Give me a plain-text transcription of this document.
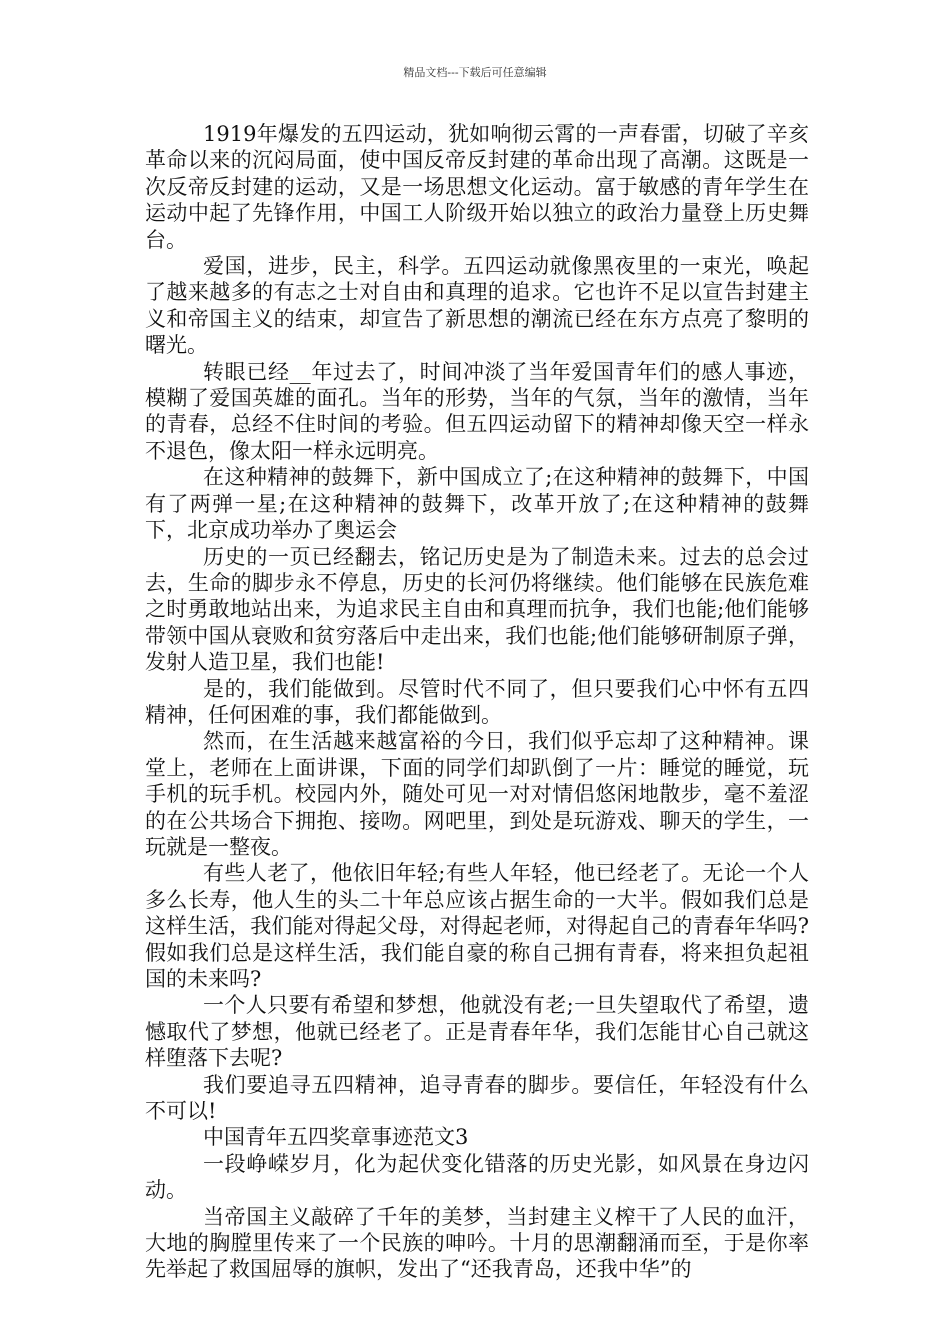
精品文档---下载后可任意编辑

1919年爆发的五四运动，犹如响彻云霄的一声春雷，切破了辛亥革命以来的沉闷局面，使中国反帝反封建的革命出现了高潮。这既是一次反帝反封建的运动，又是一场思想文化运动。富于敏感的青年学生在运动中起了先锋作用，中国工人阶级开始以独立的政治力量登上历史舞台。

爱国，进步，民主，科学。五四运动就像黑夜里的一束光，唤起了越来越多的有志之士对自由和真理的追求。它也许不足以宣告封建主义和帝国主义的结束，却宣告了新思想的潮流已经在东方点亮了黎明的曙光。

转眼已经__年过去了，时间冲淡了当年爱国青年们的感人事迹，模糊了爱国英雄的面孔。当年的形势，当年的气氛，当年的激情，当年的青春，总经不住时间的考验。但五四运动留下的精神却像天空一样永不退色，像太阳一样永远明亮。

在这种精神的鼓舞下，新中国成立了;在这种精神的鼓舞下，中国有了两弹一星;在这种精神的鼓舞下，改革开放了;在这种精神的鼓舞下，北京成功举办了奥运会

历史的一页已经翻去，铭记历史是为了制造未来。过去的总会过去，生命的脚步永不停息，历史的长河仍将继续。他们能够在民族危难之时勇敢地站出来，为追求民主自由和真理而抗争，我们也能;他们能够带领中国从衰败和贫穷落后中走出来，我们也能;他们能够研制原子弹，发射人造卫星，我们也能!

是的，我们能做到。尽管时代不同了，但只要我们心中怀有五四精神，任何困难的事，我们都能做到。

然而，在生活越来越富裕的今日，我们似乎忘却了这种精神。课堂上，老师在上面讲课，下面的同学们却趴倒了一片：睡觉的睡觉，玩手机的玩手机。校园内外，随处可见一对对情侣悠闲地散步，毫不羞涩的在公共场合下拥抱、接吻。网吧里，到处是玩游戏、聊天的学生，一玩就是一整夜。

有些人老了，他依旧年轻;有些人年轻，他已经老了。无论一个人多么长寿，他人生的头二十年总应该占据生命的一大半。假如我们总是这样生活，我们能对得起父母，对得起老师，对得起自己的青春年华吗?假如我们总是这样生活，我们能自豪的称自己拥有青春，将来担负起祖国的未来吗?

一个人只要有希望和梦想，他就没有老;一旦失望取代了希望，遗憾取代了梦想，他就已经老了。正是青春年华，我们怎能甘心自己就这样堕落下去呢?

我们要追寻五四精神，追寻青春的脚步。要信任，年轻没有什么不可以!

中国青年五四奖章事迹范文3

一段峥嵘岁月，化为起伏变化错落的历史光影，如风景在身边闪动。

当帝国主义敲碎了千年的美梦，当封建主义榨干了人民的血汗，大地的胸膛里传来了一个民族的呻吟。十月的思潮翻涌而至，于是你率先举起了救国屈辱的旗帜，发出了“还我青岛，还我中华”的
